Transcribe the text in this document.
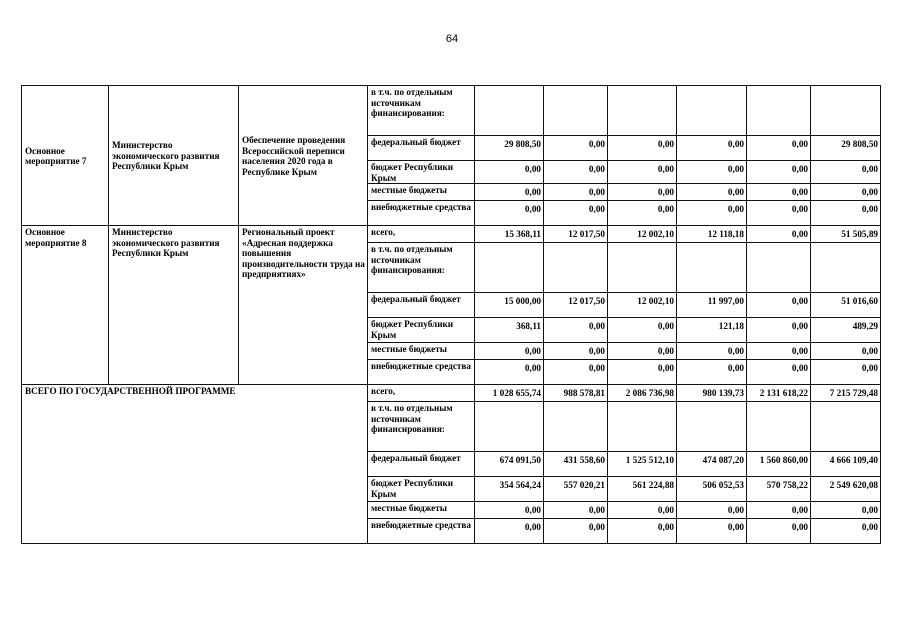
64
Основное мероприятие 7	Министерство экономического развития Республики Крым	Обеспечение проведения Всероссийской переписи населения 2020 года в Республике Крым	в т.ч. по отдельным источникам финансирования:						
			федеральный бюджет	29 808,50	0,00	0,00	0,00	0,00	29 808,50
			бюджет Республики Крым	0,00	0,00	0,00	0,00	0,00	0,00
			местные бюджеты	0,00	0,00	0,00	0,00	0,00	0,00
			внебюджетные средства	0,00	0,00	0,00	0,00	0,00	0,00
Основное мероприятие 8	Министерство экономического развития Республики Крым	Региональный проект «Адресная поддержка повышения производительности труда на предприятиях»	всего,	15 368,11	12 017,50	12 002,10	12 118,18	0,00	51 505,89
			в т.ч. по отдельным источникам финансирования:						
			федеральный бюджет	15 000,00	12 017,50	12 002,10	11 997,00	0,00	51 016,60
			бюджет Республики Крым	368,11	0,00	0,00	121,18	0,00	489,29
			местные бюджеты	0,00	0,00	0,00	0,00	0,00	0,00
			внебюджетные средства	0,00	0,00	0,00	0,00	0,00	0,00
ВСЕГО ПО ГОСУДАРСТВЕННОЙ ПРОГРАММЕ			всего,	1 028 655,74	988 578,81	2 086 736,98	980 139,73	2 131 618,22	7 215 729,48
			в т.ч. по отдельным источникам финансирования:						
			федеральный бюджет	674 091,50	431 558,60	1 525 512,10	474 087,20	1 560 860,00	4 666 109,40
			бюджет Республики Крым	354 564,24	557 020,21	561 224,88	506 052,53	570 758,22	2 549 620,08
			местные бюджеты	0,00	0,00	0,00	0,00	0,00	0,00
			внебюджетные средства	0,00	0,00	0,00	0,00	0,00	0,00
